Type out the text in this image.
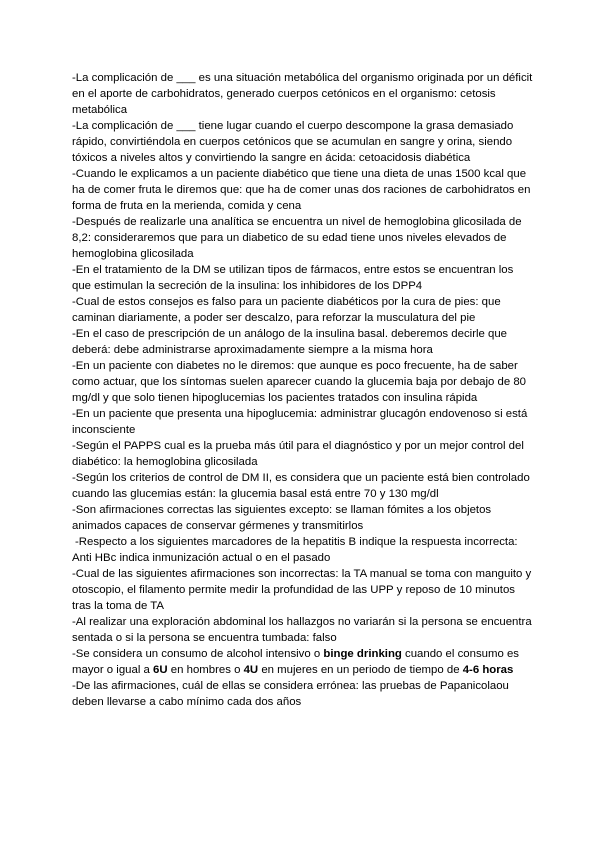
-La complicación de ___ es una situación metabólica del organismo originada por un déficit en el aporte de carbohidratos, generado cuerpos cetónicos en el organismo: cetosis metabólica

-La complicación de ___ tiene lugar cuando el cuerpo descompone la grasa demasiado rápido, convirtiéndola en cuerpos cetónicos que se acumulan en sangre y orina, siendo tóxicos a niveles altos y convirtiendo la sangre en ácida: cetoacidosis diabética

-Cuando le explicamos a un paciente diabético que tiene una dieta de unas 1500 kcal que ha de comer fruta le diremos que: que ha de comer unas dos raciones de carbohidratos en forma de fruta en la merienda, comida y cena

-Después de realizarle una analítica se encuentra un nivel de hemoglobina glicosilada de 8,2: consideraremos que para un diabetico de su edad tiene unos niveles elevados de hemoglobina glicosilada

-En el tratamiento de la DM se utilizan tipos de fármacos, entre estos se encuentran los que estimulan la secreción de la insulina: los inhibidores de los DPP4

-Cual de estos consejos es falso para un paciente diabéticos por la cura de pies: que caminan diariamente, a poder ser descalzo, para reforzar la musculatura del pie

-En el caso de prescripción de un análogo de la insulina basal. deberemos decirle que deberá: debe administrarse aproximadamente siempre a la misma hora

-En un paciente con diabetes no le diremos: que aunque es poco frecuente, ha de saber como actuar, que los síntomas suelen aparecer cuando la glucemia baja por debajo de 80 mg/dl y que solo tienen hipoglucemias los pacientes tratados con insulina rápida

-En un paciente que presenta una hipoglucemia: administrar glucagón endovenoso si está inconsciente

-Según el PAPPS cual es la prueba más útil para el diagnóstico y por un mejor control del diabético: la hemoglobina glicosilada

-Según los criterios de control de DM II, es considera que un paciente está bien controlado cuando las glucemias están: la glucemia basal está entre 70 y 130 mg/dl

-Son afirmaciones correctas las siguientes excepto: se llaman fómites a los objetos animados capaces de conservar gérmenes y transmitirlos

-Respecto a los siguientes marcadores de la hepatitis B indique la respuesta incorrecta: Anti HBc indica inmunización actual o en el pasado

-Cual de las siguientes afirmaciones son incorrectas: la TA manual se toma con manguito y otoscopio, el filamento permite medir la profundidad de las UPP y reposo de 10 minutos tras la toma de TA

-Al realizar una exploración abdominal los hallazgos no variarán si la persona se encuentra sentada o si la persona se encuentra tumbada: falso

-Se considera un consumo de alcohol intensivo o binge drinking cuando el consumo es mayor o igual a 6U en hombres o 4U en mujeres en un periodo de tiempo de 4-6 horas

-De las afirmaciones, cuál de ellas se considera errónea: las pruebas de Papanicolaou deben llevarse a cabo mínimo cada dos años
